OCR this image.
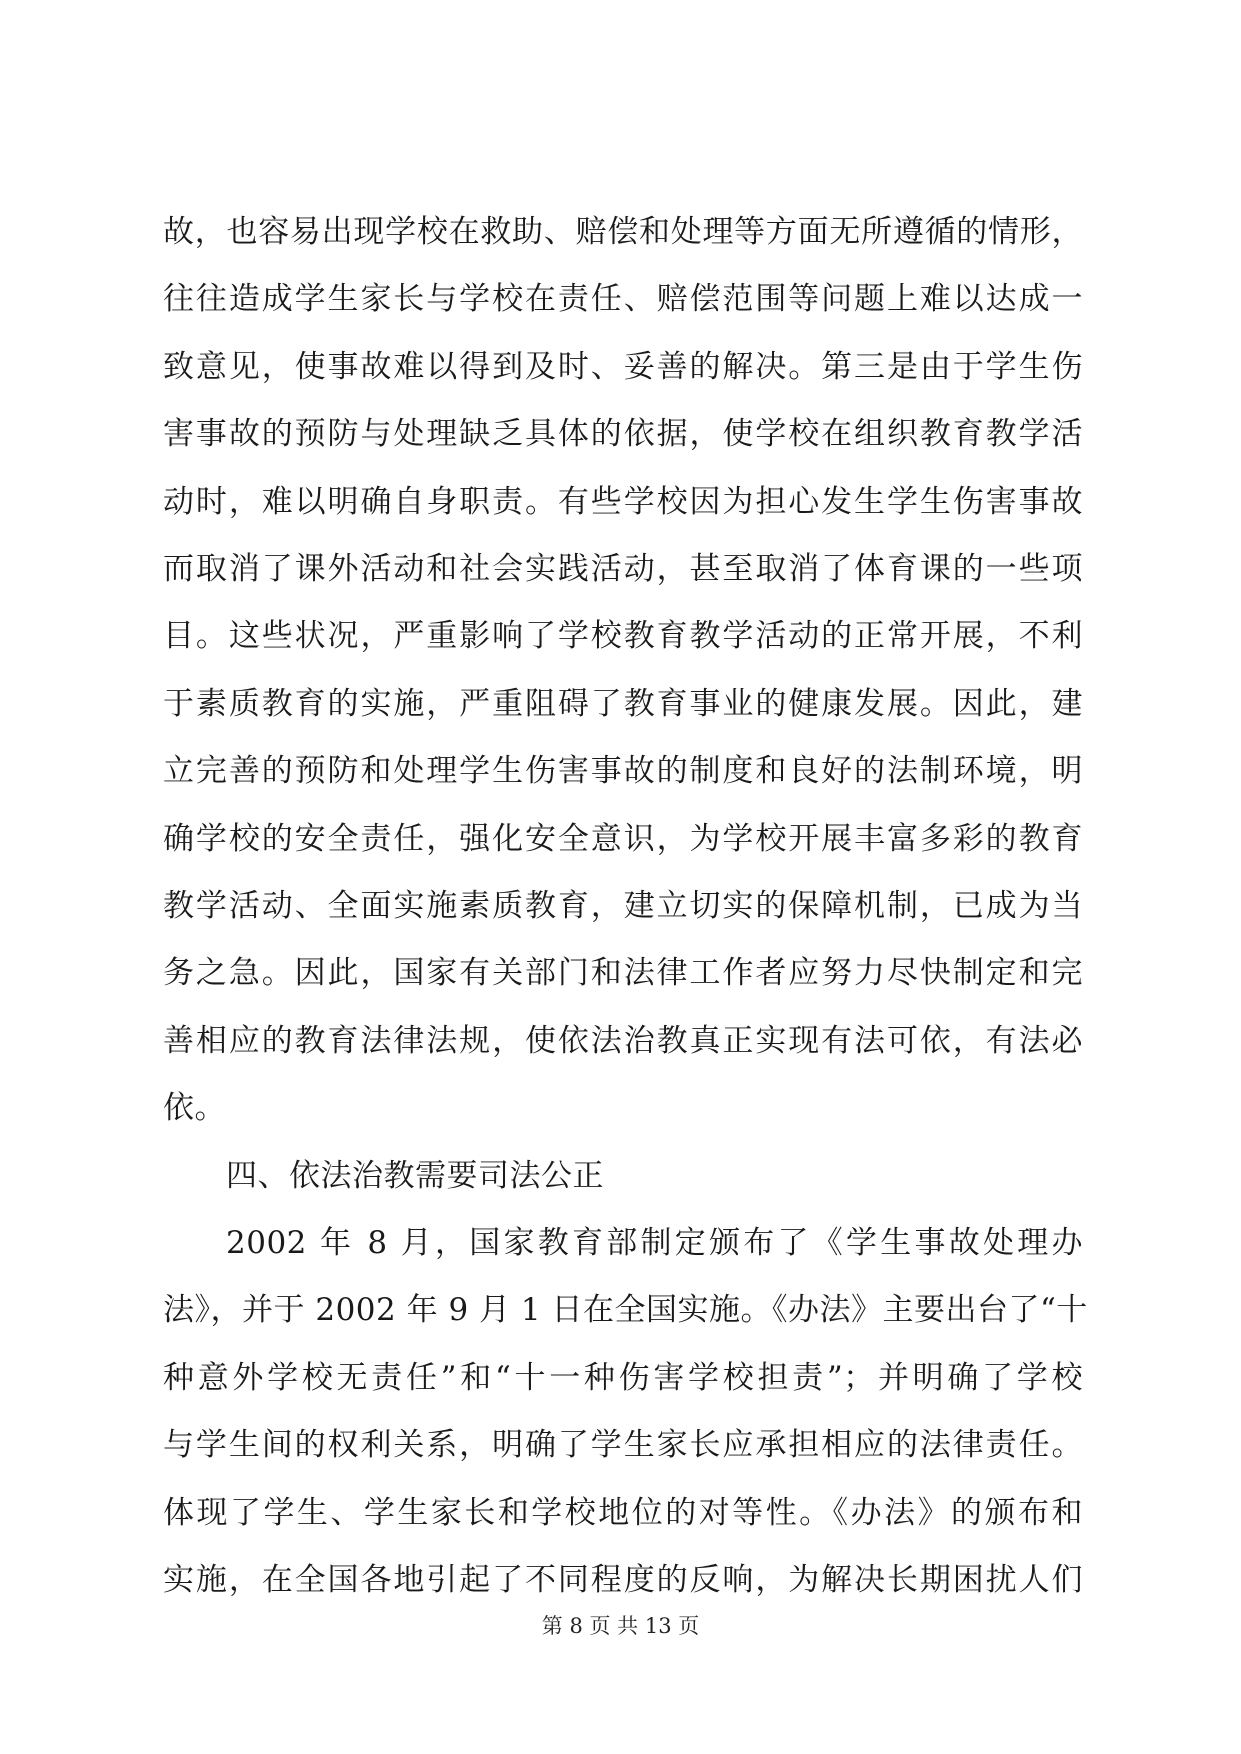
故，也容易出现学校在救助、赔偿和处理等方面无所遵循的情形，
往往造成学生家长与学校在责任、赔偿范围等问题上难以达成一
致意见，使事故难以得到及时、妥善的解决。第三是由于学生伤
害事故的预防与处理缺乏具体的依据，使学校在组织教育教学活
动时，难以明确自身职责。有些学校因为担心发生学生伤害事故
而取消了课外活动和社会实践活动，甚至取消了体育课的一些项
目。这些状况，严重影响了学校教育教学活动的正常开展，不利
于素质教育的实施，严重阻碍了教育事业的健康发展。因此，建
立完善的预防和处理学生伤害事故的制度和良好的法制环境，明
确学校的安全责任，强化安全意识，为学校开展丰富多彩的教育
教学活动、全面实施素质教育，建立切实的保障机制，已成为当
务之急。因此，国家有关部门和法律工作者应努力尽快制定和完
善相应的教育法律法规，使依法治教真正实现有法可依，有法必
依。
四、依法治教需要司法公正
2002 年 8 月，国家教育部制定颁布了《学生事故处理办
法》，并于 2002 年 9 月 1 日在全国实施。《办法》主要出台了“十
种意外学校无责任”和“十一种伤害学校担责”；并明确了学校
与学生间的权利关系，明确了学生家长应承担相应的法律责任。
体现了学生、学生家长和学校地位的对等性。《办法》的颁布和
实施，在全国各地引起了不同程度的反响，为解决长期困扰人们
第 8 页 共 13 页
